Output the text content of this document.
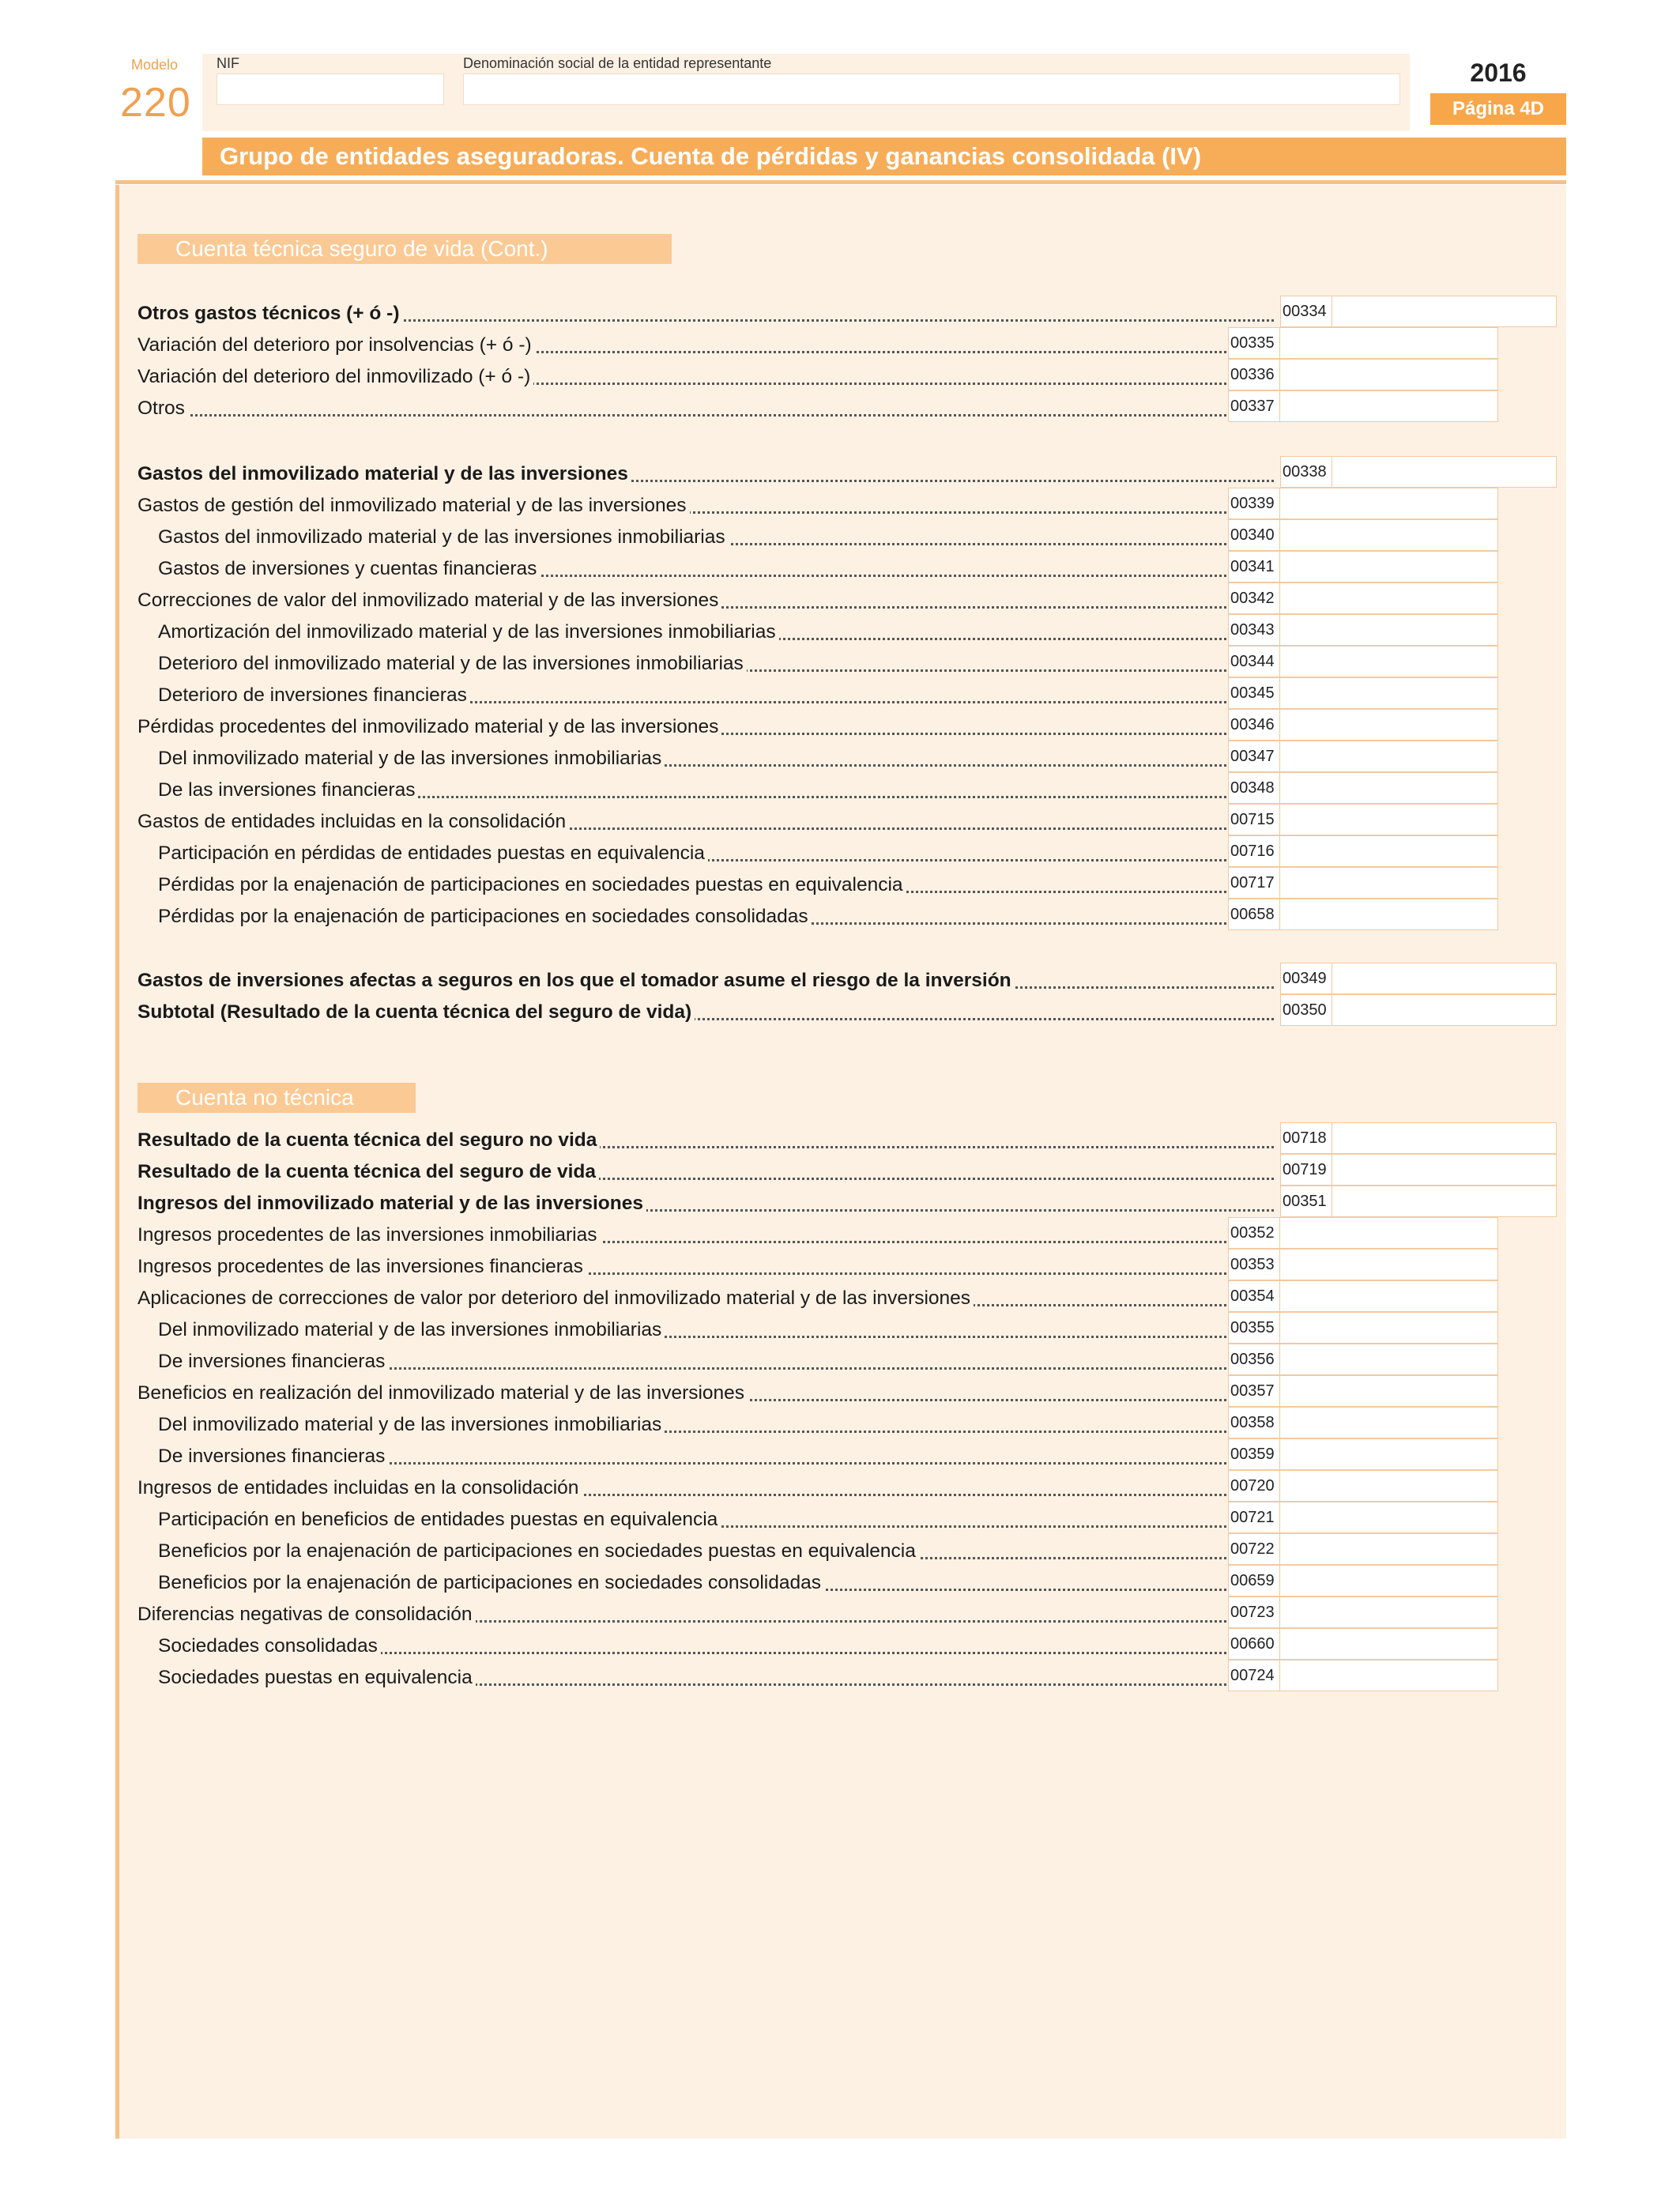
Modelo
220
NIF	Denominación social de la entidad representante	2016
Página 4D
Grupo de entidades aseguradoras. Cuenta de pérdidas y ganancias consolidada (IV)
Cuenta técnica seguro de vida (Cont.)
Cuenta no técnica
Otros gastos técnicos (+ ó -)	00334
Variación del deterioro por insolvencias (+ ó -)	00335
Variación del deterioro del inmovilizado (+ ó -)	00336
Otros	00337
Gastos del inmovilizado material y de las inversiones	00338
Gastos de gestión del inmovilizado material y de las inversiones	00339
Gastos del inmovilizado material y de las inversiones inmobiliarias	00340
Gastos de inversiones y cuentas financieras	00341
Correcciones de valor del inmovilizado material y de las inversiones	00342
Amortización del inmovilizado material y de las inversiones inmobiliarias	00343
Deterioro del inmovilizado material y de las inversiones inmobiliarias	00344
Deterioro de inversiones financieras	00345
Pérdidas procedentes del inmovilizado material y de las inversiones	00346
Del inmovilizado material y de las inversiones inmobiliarias	00347
De las inversiones financieras	00348
Gastos de entidades incluidas en la consolidación	00715
Participación en pérdidas de entidades puestas en equivalencia	00716
Pérdidas por la enajenación de participaciones en sociedades puestas en equivalencia	00717
Pérdidas por la enajenación de participaciones en sociedades consolidadas	00658
Gastos de inversiones afectas a seguros en los que el tomador asume el riesgo de la inversión	00349
Subtotal (Resultado de la cuenta técnica del seguro de vida)	00350
Resultado de la cuenta técnica del seguro no vida	00718
Resultado de la cuenta técnica del seguro de vida	00719
Ingresos del inmovilizado material y de las inversiones	00351
Ingresos procedentes de las inversiones inmobiliarias	00352
Ingresos procedentes de las inversiones financieras	00353
Aplicaciones de correcciones de valor por deterioro del inmovilizado material y de las inversiones	00354
Del inmovilizado material y de las inversiones inmobiliarias	00355
De inversiones financieras	00356
Beneficios en realización del inmovilizado material y de las inversiones	00357
Del inmovilizado material y de las inversiones inmobiliarias	00358
De inversiones financieras	00359
Ingresos de entidades incluidas en la consolidación	00720
Participación en beneficios de entidades puestas en equivalencia	00721
Beneficios por la enajenación de participaciones en sociedades puestas en equivalencia	00722
Beneficios por la enajenación de participaciones en sociedades consolidadas	00659
Diferencias negativas de consolidación	00723
Sociedades consolidadas	00660
Sociedades puestas en equivalencia	00724
